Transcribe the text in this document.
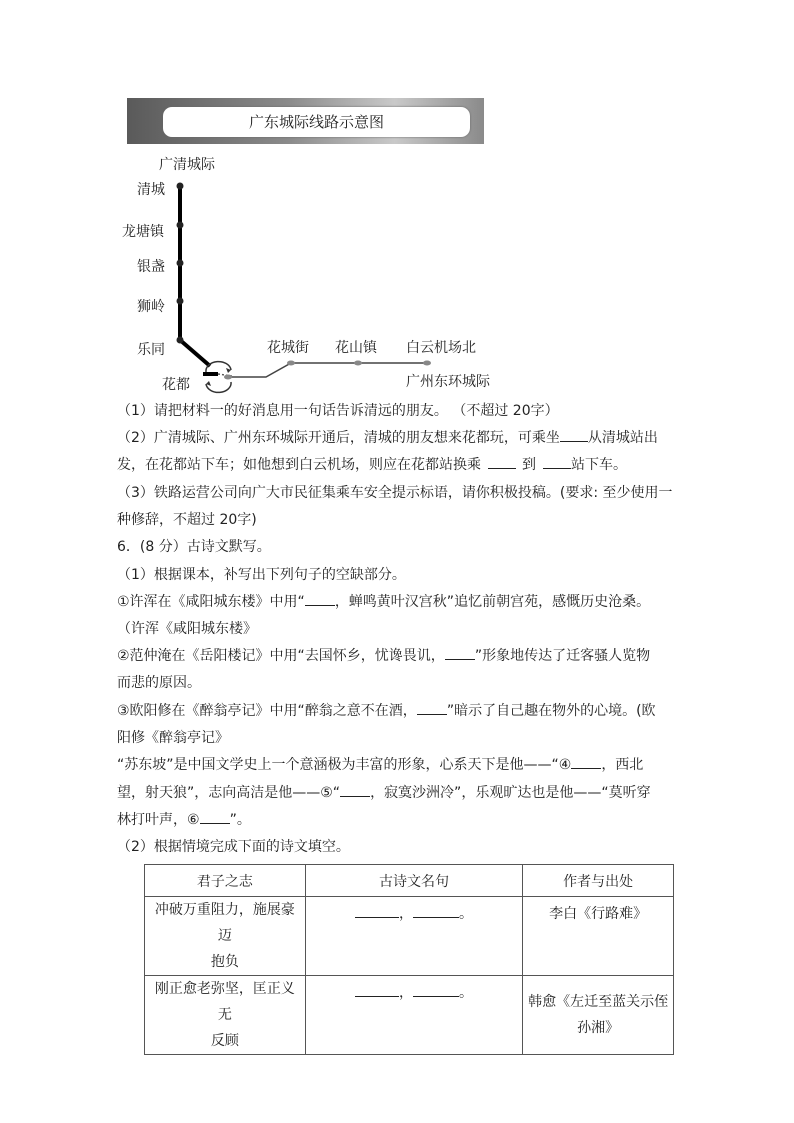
广东城际线路示意图
广清城际
清城
龙塘镇
银盏
狮岭
乐同
花都
花城街 花山镇 白云机场北
广州东环城际
（1）请把材料一的好消息用一句话告诉清远的朋友。 （不超过 20字）
（2）广清城际、广州东环城际开通后，清城的朋友想来花都玩，可乘坐 从清城站出
发，在花都站下车；如他想到白云机场，则应在花都站换乘	到	站下车。
（3）铁路运营公司向广大市民征集乘车安全提示标语，请你积极投稿。(要求: 至少使用一
种修辞，不超过 20字)
6．(8 分）古诗文默写。
（1）根据课本，补写出下列句子的空缺部分。
①许浑在《咸阳城东楼》中用“ ，蝉鸣黄叶汉宫秋”追忆前朝宫苑，感慨历史沧桑。
（许浑《咸阳城东楼》
②范仲淹在《岳阳楼记》中用“去国怀乡，忧谗畏讥， ”形象地传达了迁客骚人览物
而悲的原因。
③欧阳修在《醉翁亭记》中用“醉翁之意不在酒， ”暗示了自己趣在物外的心境。(欧
阳修《醉翁亭记》
“苏东坡”是中国文学史上一个意涵极为丰富的形象，心系天下是他——“④ ，西北
望，射天狼”，志向高洁是他——⑤“ ，寂寞沙洲冷”，乐观旷达也是他——“莫听穿
林打叶声，⑥ ”。
（2）根据情境完成下面的诗文填空。
君子之志	古诗文名句	作者与出处
冲破万重阻力，施展豪迈
抱负	， 。	李白《行路难》
刚正愈老弥坚，匡正义无
反顾	， 。	韩愈《左迁至蓝关示侄
孙湘》
